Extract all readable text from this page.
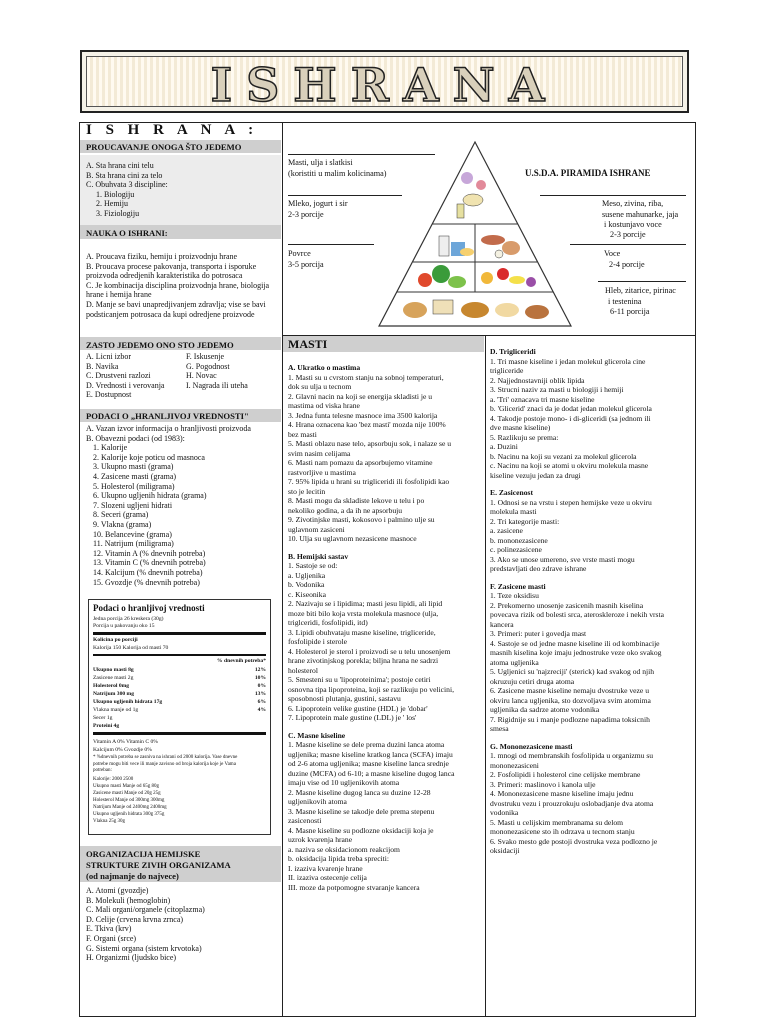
ISHRANA
I S H R A N A :
PROUCAVANJE ONOGA ŠTO JEDEMO
A. Sta hrana cini telu
B. Sta hrana cini za telo
C. Obuhvata 3 discipline:
1. Biologiju
2. Hemiju
3. Fiziologiju
NAUKA O ISHRANI:
A. Proucava fiziku, hemiju i proizvodnju hrane
B. Proucava procese pakovanja, transporta i isporuke
proizvoda odredjenih karakteristika do potrosaca
C. Je kombinacija disciplina proizvodnja hrane, biologija
hrane i hemija hrane
D. Manje se bavi unapredjivanjem zdravlja; vise se bavi
podsticanjem potrosaca da kupi odredjene proizvode
ZASTO JEDEMO ONO STO JEDEMO
A. Licni izbor
B. Navika
C. Drustveni razlozi
D. Vrednosti i verovanja
E. Dostupnost
F. Iskusenje
G. Pogodnost
H. Novac
I. Nagrada ili uteha
PODACI O „HRANLJIVOJ VREDNOSTI"
A. Vazan izvor informacija o hranljivosti proizvoda
B. Obavezni podaci (od 1983):
1. Kalorije
2. Kalorije koje poticu od masnoca
3. Ukupno masti (grama)
4. Zasicene masti (grama)
5. Holesterol (miligrama)
6. Ukupno ugljenih hidrata (grama)
7. Slozeni ugljeni hidrati
8. Seceri (grama)
9. Vlakna (grama)
10. Belancevine (grama)
11. Natrijum (miligrama)
12. Vitamin A (% dnevnih potreba)
13. Vitamin C (% dnevnih potreba)
14. Kalcijum (% dnevnih potreba)
15. Gvozdje (% dnevnih potreba)
Podaci o hranljivoj vrednosti
Jedna porcija 26 kreskera (30g)
Porcija u pakovanju oko 15
Kolicina po porciji
Kalorija 150 Kalorija od masti 70
% dnevnih potreba*
Ukupno masti 8g	12%
Zasicene masti 2g	10%
Holesterol 0mg	0%
Natrijum 300 mg	13%
Ukupno ugljenih hidrata 17g	6%
Vlakna manje od 1g	4%
Secer 1g
Proteini 4g
Vitamin A 0% Vitamin C 0%
Kalcijum 0% Gvozdje 0%
* %dnevnih potreba se zasniva na ishrani od 2000 kalorija. Vase dnevne
potrebe mogu biti vece ili manje zavisno od broja kalorija koje je Vama
potreban:
Kalorije: 2000 2500
Ukupno masti Manje od 65g 80g
Zasicene masti Manje od 20g 25g
Holesterol Manje od 300mg 300mg
Natrijum Manje od 2400mg 2400mg
Ukupno ugljenih hidrata 300g 375g
Vlakna 25g 30g
ORGANIZACIJA HEMIJSKE
STRUKTURE ZIVIH ORGANIZAMA
(od najmanje do najvece)
A. Atomi (gvozdje)
B. Molekuli (hemoglobin)
C. Mali organi/organele (citoplazma)
D. Celije (crvena krvna zrnca)
E. Tkiva (krv)
F. Organi (srce)
G. Sistemi organa (sistem krvotoka)
H. Organizmi (ljudsko bice)
U.S.D.A. PIRAMIDA ISHRANE
Masti, ulja i slatkisi
(koristiti u malim kolicinama)
Mleko, jogurt i sir
2-3 porcije
Povrce
3-5 porcija
Meso, zivina, riba,
susene mahunarke, jaja
i kostunjavo voce
2-3 porcije
Voce
2-4 porcije
Hleb, zitarice, pirinac
i testenina
6-11 porcija
MASTI
A. Ukratko o mastima
1. Masti su u cvrstom stanju na sobnoj temperaturi,
dok su ulja u tecnom
2. Glavni nacin na koji se energija skladisti je u
mastima od viska hrane
3. Jedna funta telesne masnoce ima 3500 kalorija
4. Hrana oznacena kao 'bez masti' mozda nije 100%
bez masti
5. Masti oblazu nase telo, apsorbuju sok, i nalaze se u
svim nasim celijama
6. Masti nam pomazu da apsorbujemo vitamine
rastvorljive u mastima
7. 95% lipida u hrani su trigliceridi ili fosfolipidi kao
sto je lecitin
8. Masti mogu da skladiste lekove u telu i po
nekoliko godina, a da ih ne apsorbuju
9. Zivotinjske masti, kokosovo i palmino ulje su
uglavnom zasiceni
10. Ulja su uglavnom nezasicene masnoce
B. Hemijski sastav
1. Sastoje se od:
a. Ugljenika
b. Vodonika
c. Kiseonika
2. Nazivaju se i lipidima; masti jesu lipidi, ali lipid
moze biti bilo koja vrsta molekula masnoce (ulja,
triglceridi, fosfolipidi, itd)
3. Lipidi obuhvataju masne kiseline, trigliceride,
fosfolipide i sterole
4. Holesterol je sterol i proizvodi se u telu unosenjem
hrane zivotinjskog porekla; biljna hrana ne sadrzi
holesterol
5. Smesteni su u 'lipoproteinima'; postoje cetiri
osnovna tipa lipoproteina, koji se razlikuju po velicini,
sposobnosti plutanja, gustini, sastavu
6. Lipoprotein velike gustine (HDL) je 'dobar'
7. Lipoprotein male gustine (LDL) je ' los'
C. Masne kiseline
1. Masne kiseline se dele prema duzini lanca atoma
ugljenika; masne kiseline kratkog lanca (SCFA) imaju
od 2-6 atoma ugljenika; masne kiseline lanca srednje
duzine (MCFA) od 6-10; a masne kiseline dugog lanca
imaju vise od 10 ugljenikovih atoma
2. Masne kiseline dugog lanca su duzine 12-28
ugljenikovih atoma
3. Masne kiseline se takodje dele prema stepenu
zasicenosti
4. Masne kiseline su podlozne oksidaciji koja je
uzrok kvarenja hrane
a. naziva se oksidacionom reakcijom
b. oksidacija lipida treba spreciti:
I. izaziva kvarenje hrane
II. izaziva ostecenje celija
III. moze da potpomogne stvaranje kancera
D. Trigliceridi
1. Tri masne kiseline i jedan molekul glicerola cine
trigliceride
2. Najjednostavniji oblik lipida
3. Strucni naziv za masti u biologiji i hemiji
a. 'Tri' oznacava tri masne kiseline
b. 'Glicerid' znaci da je dodat jedan molekul glicerola
4. Takodje postoje mono- i di-gliceridi (sa jednom ili
dve masne kiseline)
5. Razlikuju se prema:
a. Duzini
b. Nacinu na koji su vezani za molekul glicerola
c. Nacinu na koji se atomi u okviru molekula masne
kiseline vezuju jedan za drugi
E. Zasicenost
1. Odnosi se na vrstu i stepen hemijske veze u okviru
molekula masti
2. Tri kategorije masti:
a. zasicene
b. mononezasicene
c. polinezasicene
3. Ako se unose umereno, sve vrste masti mogu
predstavljati deo zdrave ishrane
F. Zasicene masti
1. Teze oksidisu
2. Prekomerno unosenje zasicenih masnih kiselina
povecava rizik od bolesti srca, ateroskleroze i nekih vrsta
kancera
3. Primeri: puter i govedja mast
4. Sastoje se od jedne masne kiseline ili od kombinacije
masnih kiselina koje imaju jednostruke veze oko svakog
atoma ugljenika
5. Ugljenici su 'najzreciji' (sterick) kad svakog od njih
okruzuju cetiri druga atoma
6. Zasicene masne kiseline nemaju dvostruke veze u
okviru lanca ugljenika, sto dozvoljava svim atomima
ugljenika da sadrze atome vodonika
7. Rigidnije su i manje podlozne napadima toksicnih
smesa
G. Mononezasicene masti
1. mnogi od membranskih fosfolipida u organizmu su
mononezasiceni
2. Fosfolipidi i holesterol cine celijske membrane
3. Primeri: maslinovo i kanola ulje
4. Mononezasicene masne kiseline imaju jednu
dvostruku vezu i prouzrokuju oslobadjanje dva atoma
vodonika
5. Masti u celijskim membranama su delom
mononezasicene sto ih odrzava u tecnom stanju
6. Svako mesto gde postoji dvostruka veza podlozno je
oksidaciji
